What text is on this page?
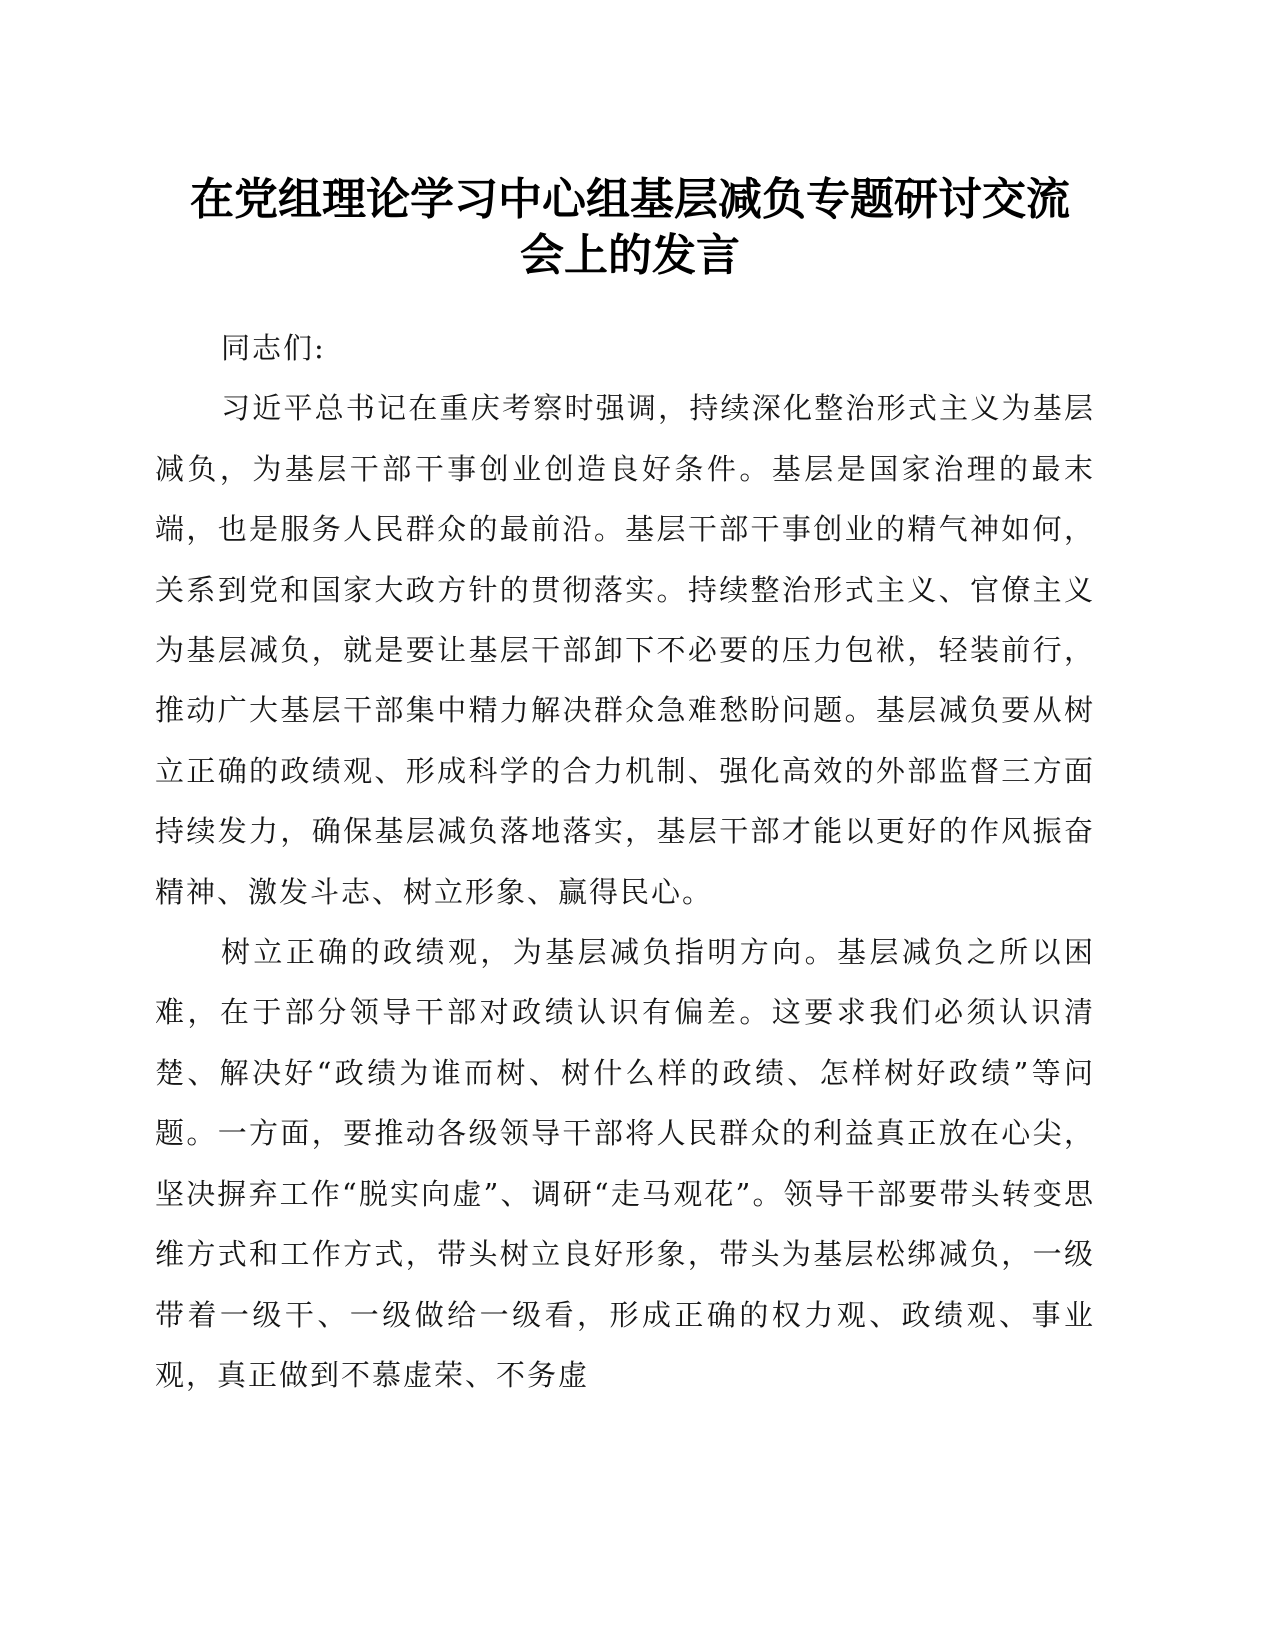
在党组理论学习中心组基层减负专题研讨交流
会上的发言

同志们:

习近平总书记在重庆考察时强调，持续深化整治形式主义为基层减负，为基层干部干事创业创造良好条件。基层是国家治理的最末端，也是服务人民群众的最前沿。基层干部干事创业的精气神如何，关系到党和国家大政方针的贯彻落实。持续整治形式主义、官僚主义为基层减负，就是要让基层干部卸下不必要的压力包袱，轻装前行，推动广大基层干部集中精力解决群众急难愁盼问题。基层减负要从树立正确的政绩观、形成科学的合力机制、强化高效的外部监督三方面持续发力，确保基层减负落地落实，基层干部才能以更好的作风振奋精神、激发斗志、树立形象、赢得民心。

树立正确的政绩观，为基层减负指明方向。基层减负之所以困难，在于部分领导干部对政绩认识有偏差。这要求我们必须认识清楚、解决好“政绩为谁而树、树什么样的政绩、怎样树好政绩”等问题。一方面，要推动各级领导干部将人民群众的利益真正放在心尖，坚决摒弃工作“脱实向虚”、调研“走马观花”。领导干部要带头转变思维方式和工作方式，带头树立良好形象，带头为基层松绑减负，一级带着一级干、一级做给一级看，形成正确的权力观、政绩观、事业观，真正做到不慕虚荣、不务虚
